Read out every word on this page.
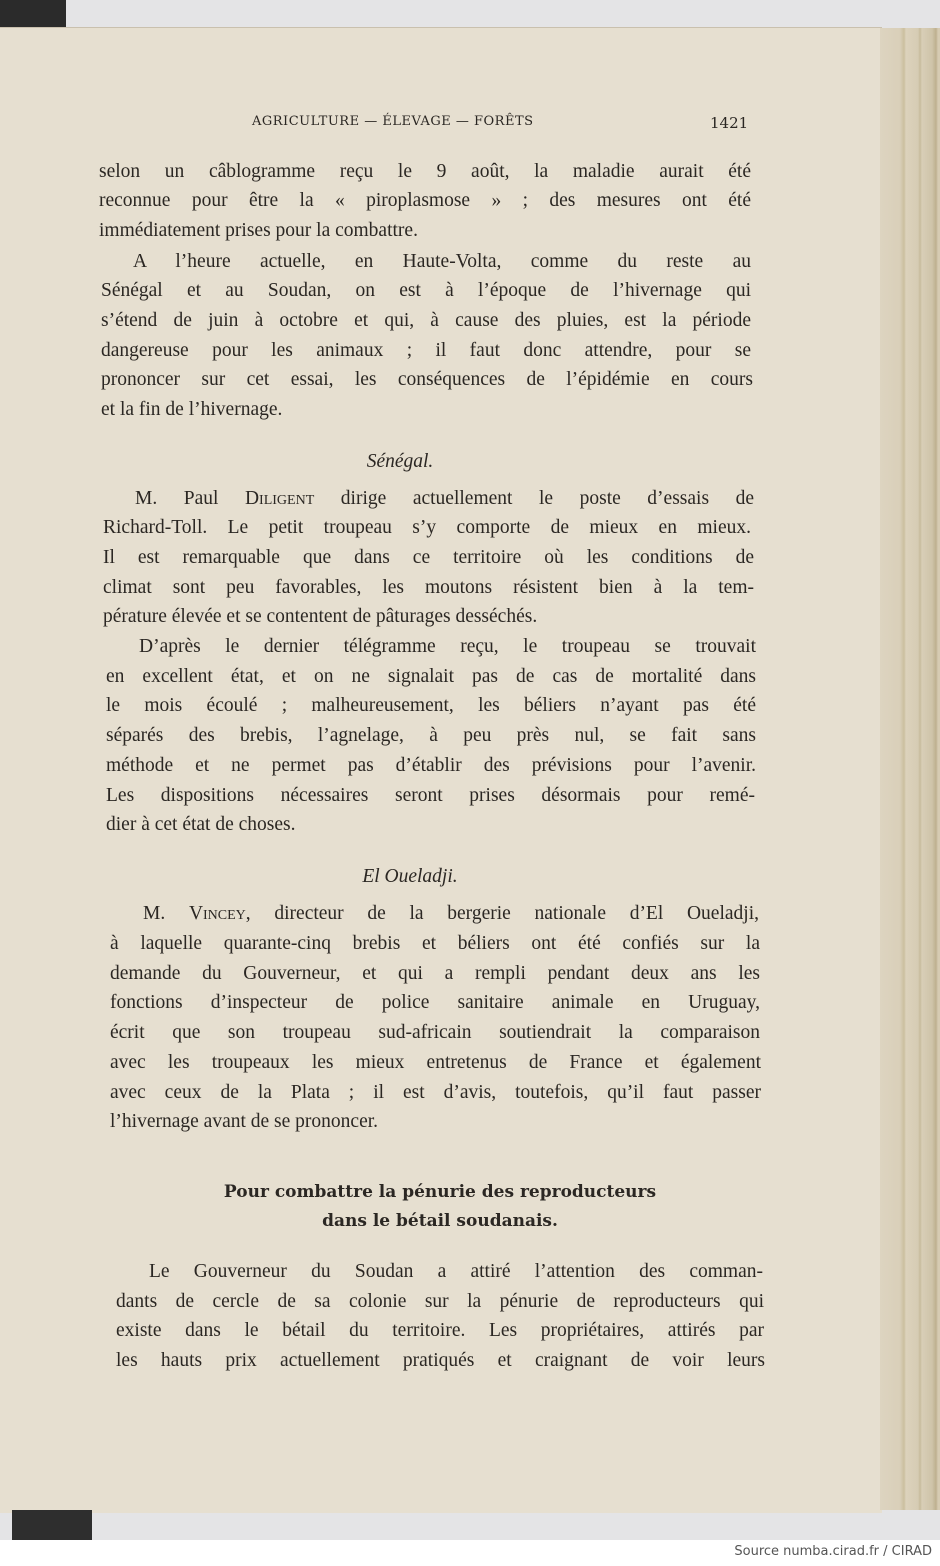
AGRICULTURE — ÉLEVAGE — FORÊTS	1421
selon un câblogramme reçu le 9 août, la maladie aurait été
reconnue pour être la « piroplasmose » ; des mesures ont été
immédiatement prises pour la combattre.
A l’heure actuelle, en Haute-Volta, comme du reste au
Sénégal et au Soudan, on est à l’époque de l’hivernage qui
s’étend de juin à octobre et qui, à cause des pluies, est la période
dangereuse pour les animaux ; il faut donc attendre, pour se
prononcer sur cet essai, les conséquences de l’épidémie en cours
et la fin de l’hivernage.
Sénégal.
M. Paul Diligent dirige actuellement le poste d’essais de
Richard-Toll. Le petit troupeau s’y comporte de mieux en mieux.
Il est remarquable que dans ce territoire où les conditions de
climat sont peu favorables, les moutons résistent bien à la tem-
pérature élevée et se contentent de pâturages desséchés.
D’après le dernier télégramme reçu, le troupeau se trouvait
en excellent état, et on ne signalait pas de cas de mortalité dans
le mois écoulé ; malheureusement, les béliers n’ayant pas été
séparés des brebis, l’agnelage, à peu près nul, se fait sans
méthode et ne permet pas d’établir des prévisions pour l’avenir.
Les dispositions nécessaires seront prises désormais pour remé-
dier à cet état de choses.
El Oueladji.
M. Vincey, directeur de la bergerie nationale d’El Oueladji,
à laquelle quarante-cinq brebis et béliers ont été confiés sur la
demande du Gouverneur, et qui a rempli pendant deux ans les
fonctions d’inspecteur de police sanitaire animale en Uruguay,
écrit que son troupeau sud-africain soutiendrait la comparaison
avec les troupeaux les mieux entretenus de France et également
avec ceux de la Plata ; il est d’avis, toutefois, qu’il faut passer
l’hivernage avant de se prononcer.
Pour combattre la pénurie des reproducteurs
dans le bétail soudanais.
Le Gouverneur du Soudan a attiré l’attention des comman-
dants de cercle de sa colonie sur la pénurie de reproducteurs qui
existe dans le bétail du territoire. Les propriétaires, attirés par
les hauts prix actuellement pratiqués et craignant de voir leurs
Source numba.cirad.fr / CIRAD
